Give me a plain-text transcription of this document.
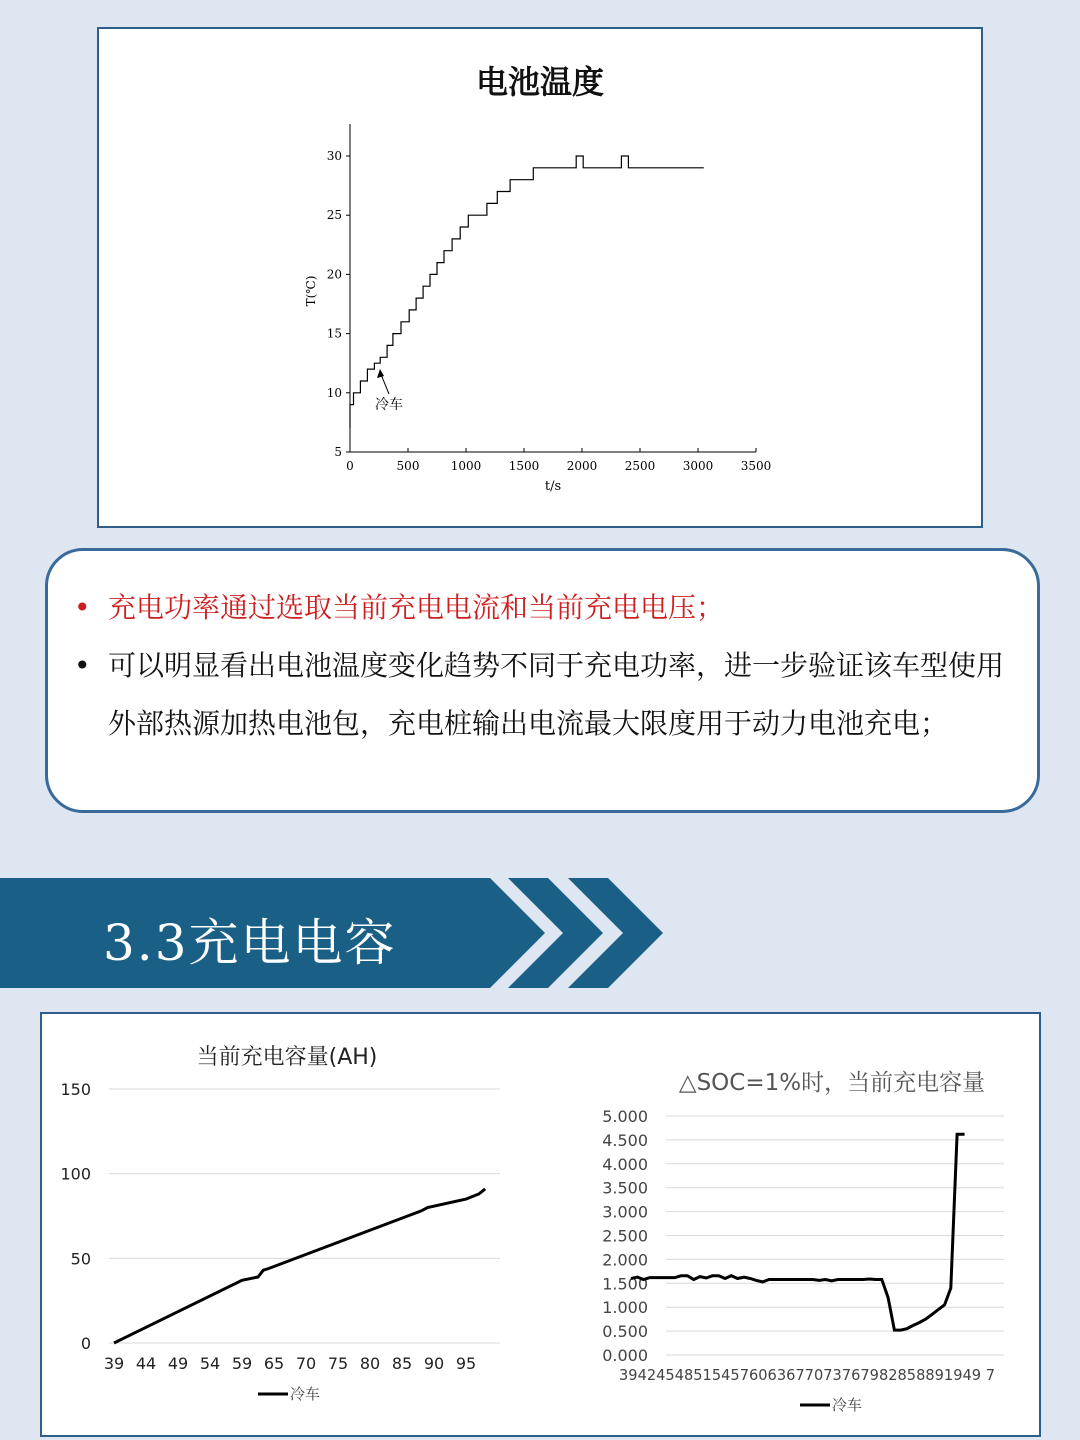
电池温度
0	500	1000 1500 2000 2500 3000 3500
5
10
15
20
25
30
t/s
T(℃)
冷车
• 充电功率通过选取当前充电电流和当前充电电压；
• 可以明显看出电池温度变化趋势不同于充电功率，进一步验证该车型使用外部热源加热电池包，充电桩输出电流最大限度用于动力电池充电；
3.3充电电容
当前充电容量(AH)
0
50
100
150
39 44 49 54 59 65 70 75 80 85 90 95
冷车
△SOC=1%时，当前充电容量
0.000
0.500
1.000
1.500
2.000
2.500
3.000
3.500
4.000
4.500
5.000
394245485154576063677073767982858891949 7
冷车
